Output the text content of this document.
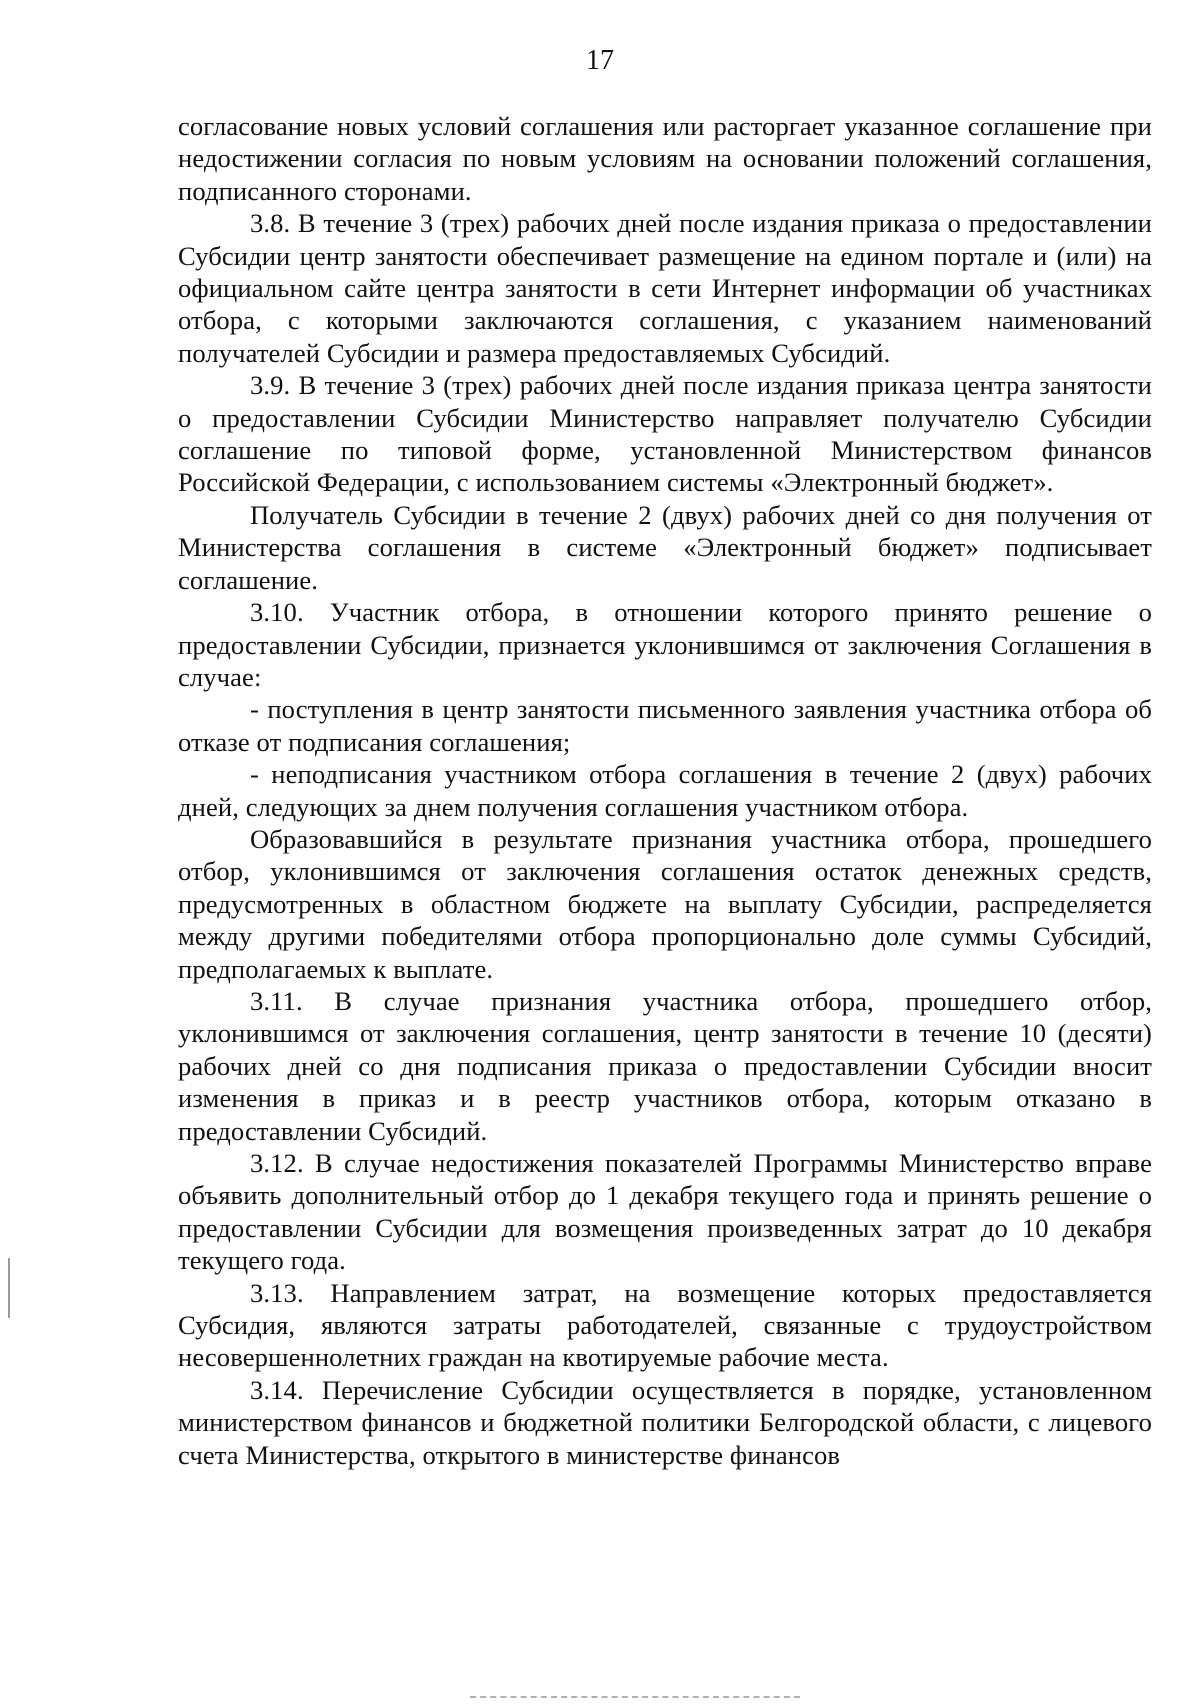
17

согласование новых условий соглашения или расторгает указанное соглашение при недостижении согласия по новым условиям на основании положений соглашения, подписанного сторонами.

3.8. В течение 3 (трех) рабочих дней после издания приказа о предоставлении Субсидии центр занятости обеспечивает размещение на едином портале и (или) на официальном сайте центра занятости в сети Интернет информации об участниках отбора, с которыми заключаются соглашения, с указанием наименований получателей Субсидии и размера предоставляемых Субсидий.

3.9. В течение 3 (трех) рабочих дней после издания приказа центра занятости о предоставлении Субсидии Министерство направляет получателю Субсидии соглашение по типовой форме, установленной Министерством финансов Российской Федерации, с использованием системы «Электронный бюджет».

Получатель Субсидии в течение 2 (двух) рабочих дней со дня получения от Министерства соглашения в системе «Электронный бюджет» подписывает соглашение.

3.10. Участник отбора, в отношении которого принято решение о предоставлении Субсидии, признается уклонившимся от заключения Соглашения в случае:

- поступления в центр занятости письменного заявления участника отбора об отказе от подписания соглашения;

- неподписания участником отбора соглашения в течение 2 (двух) рабочих дней, следующих за днем получения соглашения участником отбора.

Образовавшийся в результате признания участника отбора, прошедшего отбор, уклонившимся от заключения соглашения остаток денежных средств, предусмотренных в областном бюджете на выплату Субсидии, распределяется между другими победителями отбора пропорционально доле суммы Субсидий, предполагаемых к выплате.

3.11. В случае признания участника отбора, прошедшего отбор, уклонившимся от заключения соглашения, центр занятости в течение 10 (десяти) рабочих дней со дня подписания приказа о предоставлении Субсидии вносит изменения в приказ и в реестр участников отбора, которым отказано в предоставлении Субсидий.

3.12. В случае недостижения показателей Программы Министерство вправе объявить дополнительный отбор до 1 декабря текущего года и принять решение о предоставлении Субсидии для возмещения произведенных затрат до 10 декабря текущего года.

3.13. Направлением затрат, на возмещение которых предоставляется Субсидия, являются затраты работодателей, связанные с трудоустройством несовершеннолетних граждан на квотируемые рабочие места.

3.14. Перечисление Субсидии осуществляется в порядке, установленном министерством финансов и бюджетной политики Белгородской области, с лицевого счета Министерства, открытого в министерстве финансов
